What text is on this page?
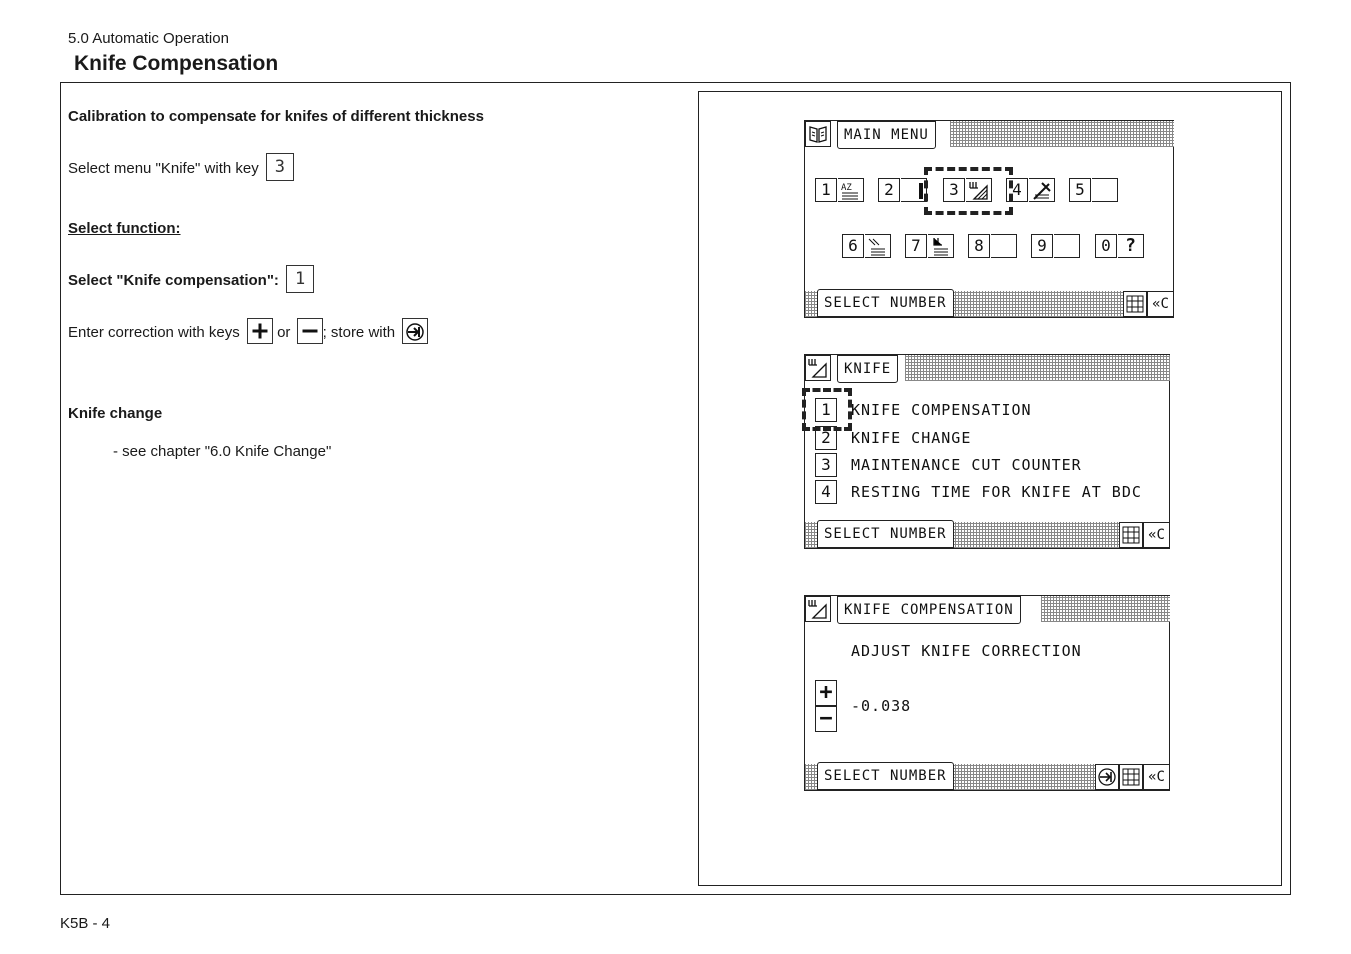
5.0 Automatic Operation
Knife Compensation
Calibration to compensate for knifes of different thickness
Select menu "Knife" with key 3
Select function:
Select "Knife compensation": 1
Enter correction with keys or ; store with
Knife change
- see chapter "6.0 Knife Change"
MAIN MENU
1	AZ	2	3	4	5
6	7	8	9	0 ?
SELECT NUMBER	«C
KNIFE
1	KNIFE COMPENSATION
2	KNIFE CHANGE
3	MAINTENANCE CUT COUNTER
4	RESTING TIME FOR KNIFE AT BDC
SELECT NUMBER	«C
KNIFE COMPENSATION
ADJUST KNIFE CORRECTION
+
− -0.038
SELECT NUMBER	«C
K5B - 4
